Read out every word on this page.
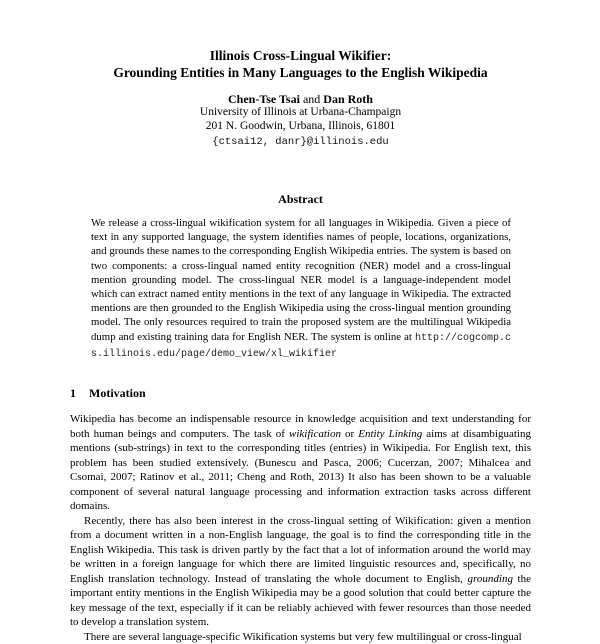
Illinois Cross-Lingual Wikifier:
Grounding Entities in Many Languages to the English Wikipedia
Chen-Tse Tsai and Dan Roth
University of Illinois at Urbana-Champaign
201 N. Goodwin, Urbana, Illinois, 61801
{ctsai12, danr}@illinois.edu
Abstract

We release a cross-lingual wikification system for all languages in Wikipedia. Given a piece of text in any supported language, the system identifies names of people, locations, organizations, and grounds these names to the corresponding English Wikipedia entries. The system is based on two components: a cross-lingual named entity recognition (NER) model and a cross-lingual mention grounding model. The cross-lingual NER model is a language-independent model which can extract named entity mentions in the text of any language in Wikipedia. The extracted mentions are then grounded to the English Wikipedia using the cross-lingual mention grounding model. The only resources required to train the proposed system are the multilingual Wikipedia dump and existing training data for English NER. The system is online at http://cogcomp.cs.illinois.edu/page/demo_view/xl_wikifier

1 Motivation

Wikipedia has become an indispensable resource in knowledge acquisition and text understanding for both human beings and computers. The task of wikification or Entity Linking aims at disambiguating mentions (sub-strings) in text to the corresponding titles (entries) in Wikipedia. For English text, this problem has been studied extensively. (Bunescu and Pasca, 2006; Cucerzan, 2007; Mihalcea and Csomai, 2007; Ratinov et al., 2011; Cheng and Roth, 2013) It also has been shown to be a valuable component of several natural language processing and information extraction tasks across different domains.

Recently, there has also been interest in the cross-lingual setting of Wikification: given a mention from a document written in a non-English language, the goal is to find the corresponding title in the English Wikipedia. This task is driven partly by the fact that a lot of information around the world may be written in a foreign language for which there are limited linguistic resources and, specifically, no English translation technology. Instead of translating the whole document to English, grounding the important entity mentions in the English Wikipedia may be a good solution that could better capture the key message of the text, especially if it can be reliably achieved with fewer resources than those needed to develop a translation system.

There are several language-specific Wikification systems but very few multilingual or cross-lingual
